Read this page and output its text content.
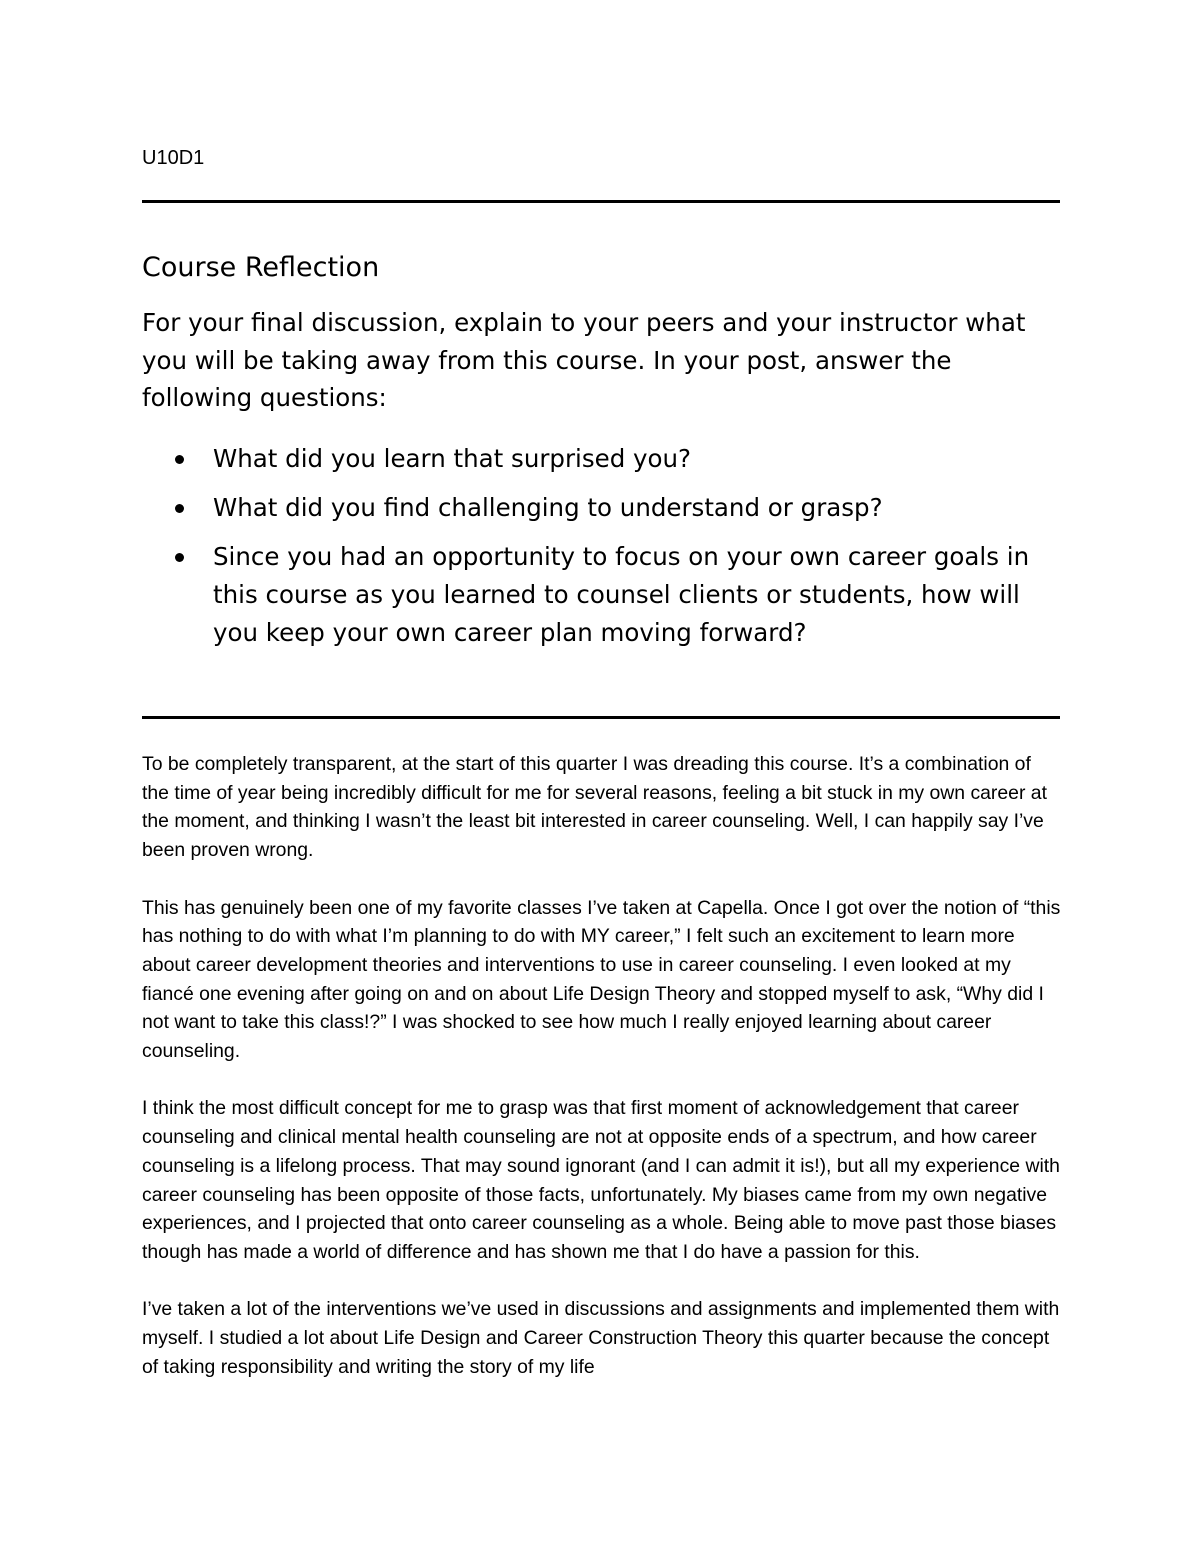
U10D1

Course Reflection

For your final discussion, explain to your peers and your instructor what you will be taking away from this course. In your post, answer the following questions:

What did you learn that surprised you?
What did you find challenging to understand or grasp?
Since you had an opportunity to focus on your own career goals in this course as you learned to counsel clients or students, how will you keep your own career plan moving forward?

To be completely transparent, at the start of this quarter I was dreading this course. It’s a combination of the time of year being incredibly difficult for me for several reasons, feeling a bit stuck in my own career at the moment, and thinking I wasn’t the least bit interested in career counseling. Well, I can happily say I’ve been proven wrong.

This has genuinely been one of my favorite classes I’ve taken at Capella. Once I got over the notion of “this has nothing to do with what I’m planning to do with MY career,” I felt such an excitement to learn more about career development theories and interventions to use in career counseling. I even looked at my fiancé one evening after going on and on about Life Design Theory and stopped myself to ask, “Why did I not want to take this class!?” I was shocked to see how much I really enjoyed learning about career counseling.

I think the most difficult concept for me to grasp was that first moment of acknowledgement that career counseling and clinical mental health counseling are not at opposite ends of a spectrum, and how career counseling is a lifelong process. That may sound ignorant (and I can admit it is!), but all my experience with career counseling has been opposite of those facts, unfortunately. My biases came from my own negative experiences, and I projected that onto career counseling as a whole. Being able to move past those biases though has made a world of difference and has shown me that I do have a passion for this.

I’ve taken a lot of the interventions we’ve used in discussions and assignments and implemented them with myself. I studied a lot about Life Design and Career Construction Theory this quarter because the concept of taking responsibility and writing the story of my life
